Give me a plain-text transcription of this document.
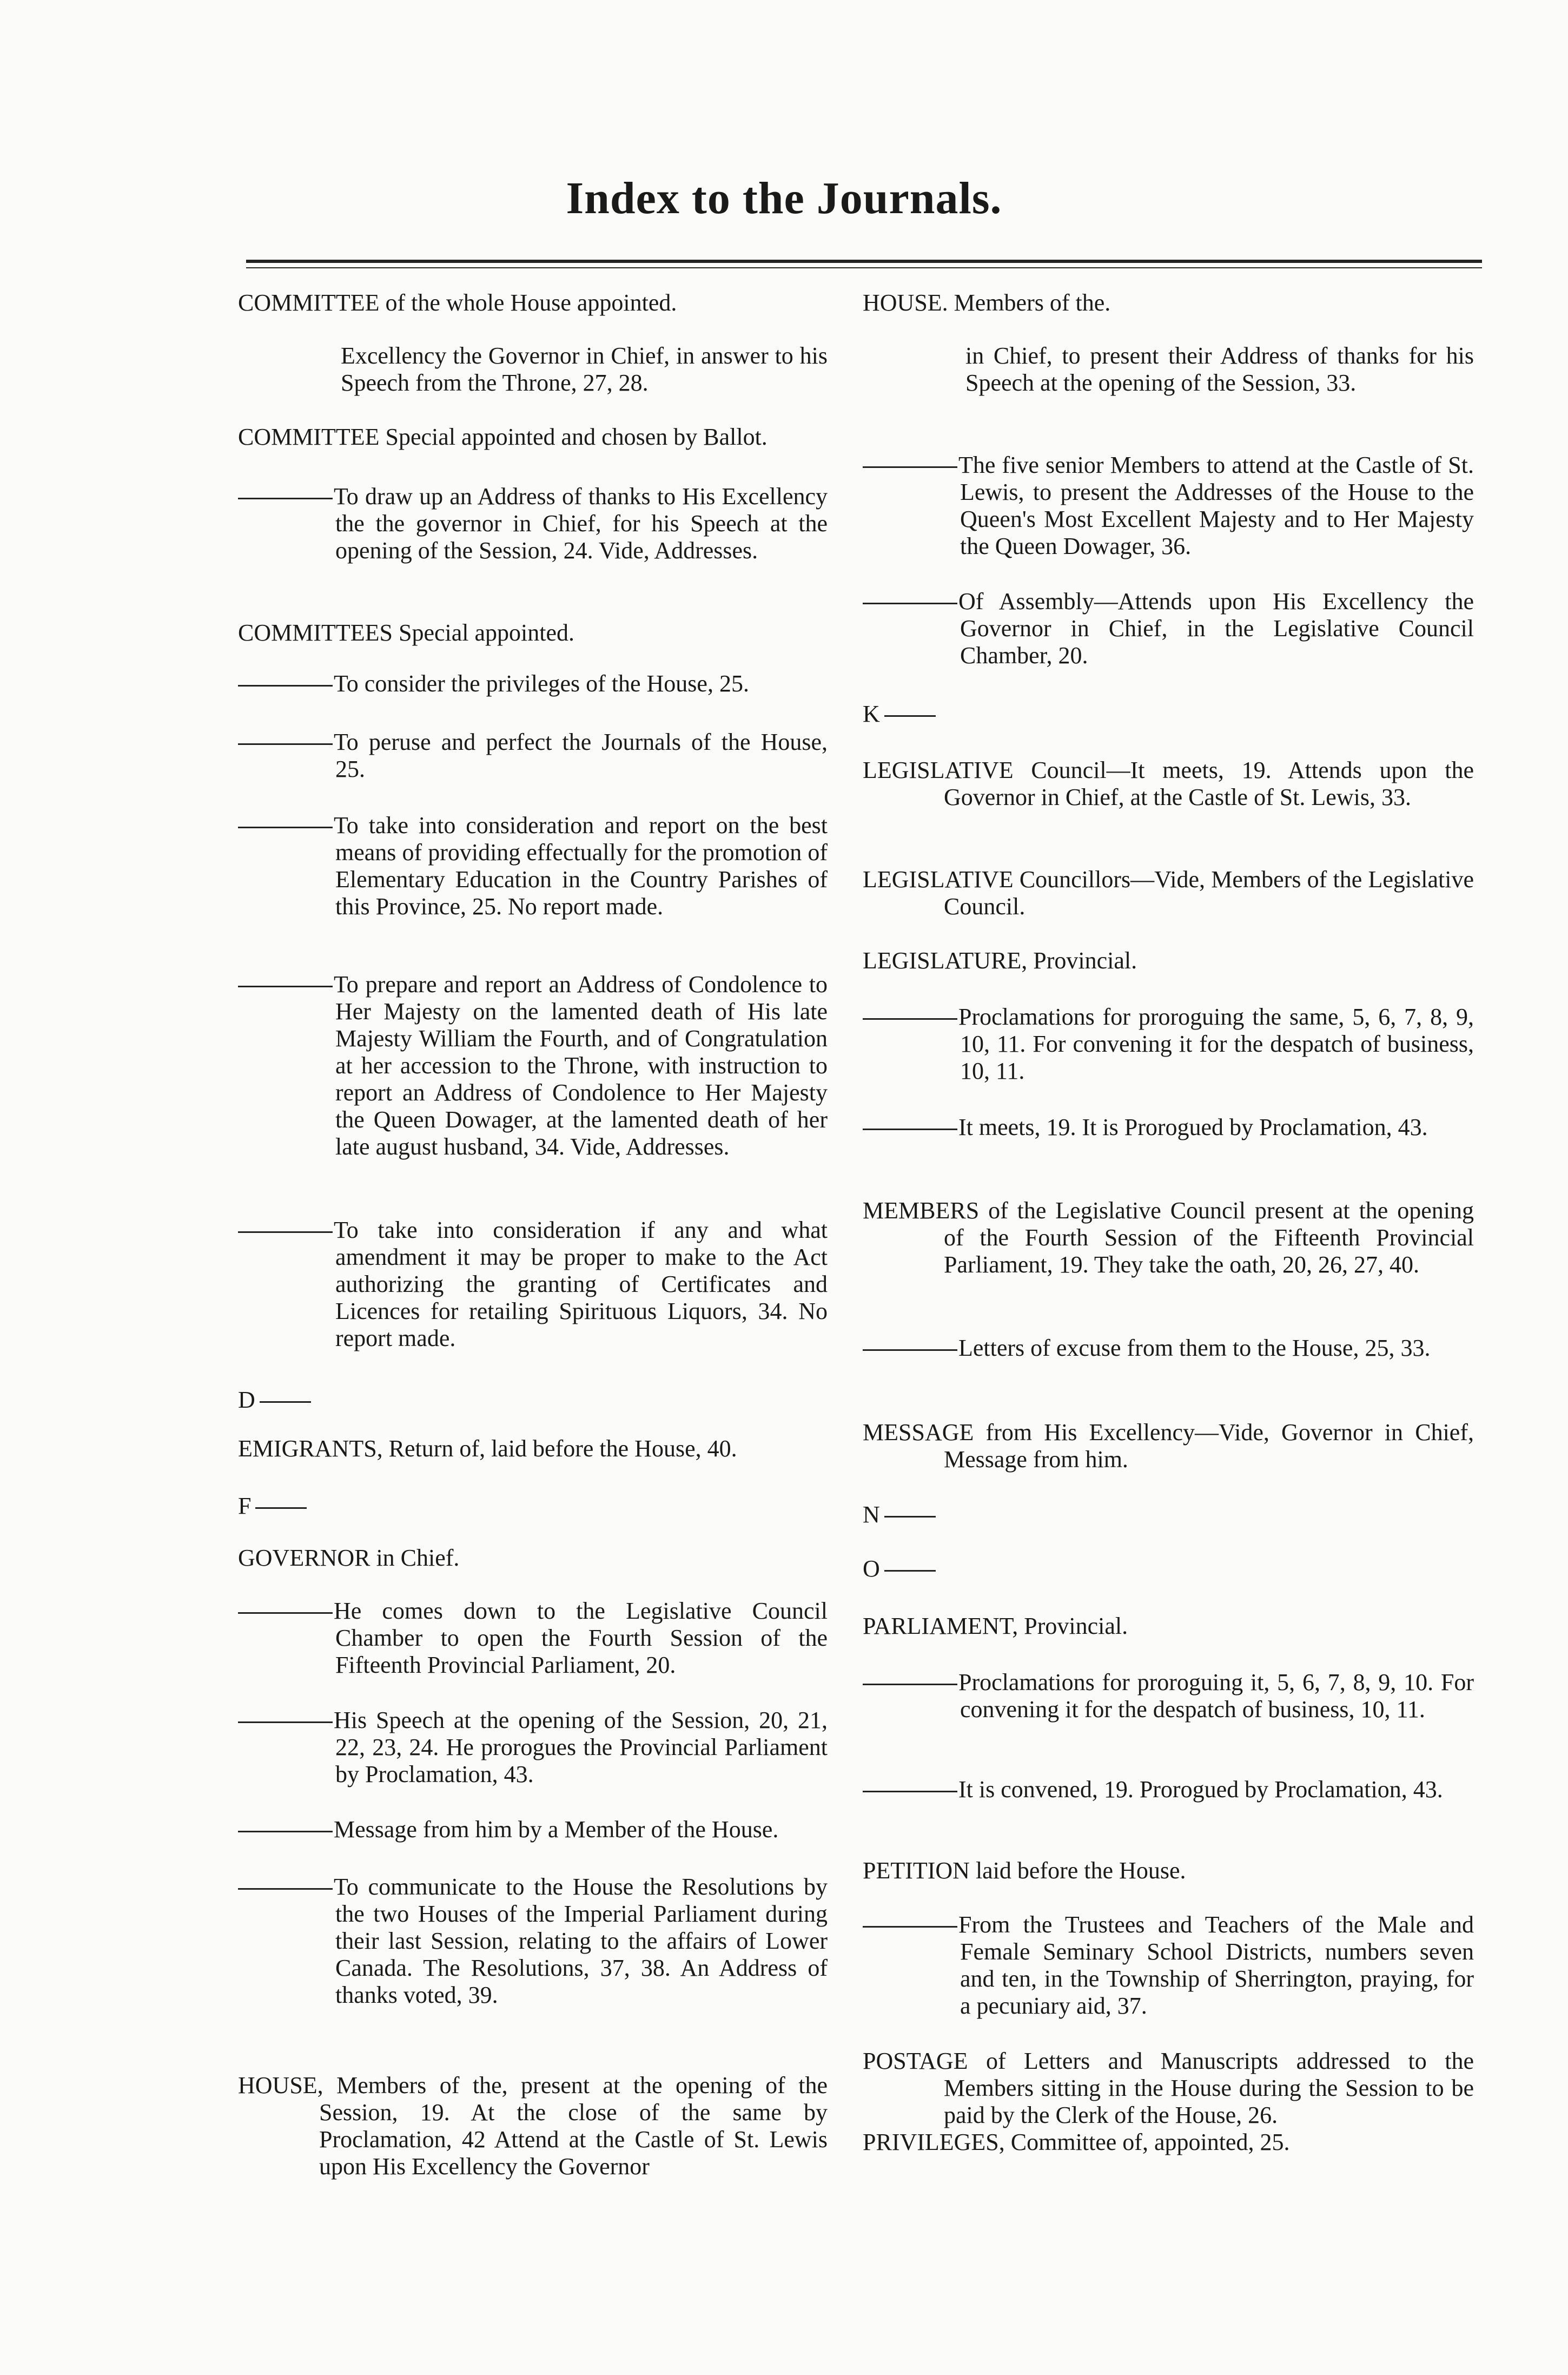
Index to the Journals.
COMMITTEE of the whole House appointed.
Excellency the Governor in Chief, in answer to his Speech from the Throne, 27, 28.
COMMITTEE Special appointed and chosen by Ballot.
To draw up an Address of thanks to His Excellency the the governor in Chief, for his Speech at the opening of the Session, 24. Vide, Addresses.
COMMITTEES Special appointed.
To consider the privileges of the House, 25.
To peruse and perfect the Journals of the House, 25.
To take into consideration and report on the best means of providing effectually for the promotion of Elementary Education in the Country Parishes of this Province, 25. No report made.
To prepare and report an Address of Condolence to Her Majesty on the lamented death of His late Majesty William the Fourth, and of Congratulation at her accession to the Throne, with instruction to report an Address of Condolence to Her Majesty the Queen Dowager, at the lamented death of her late august husband, 34. Vide, Addresses.
To take into consideration if any and what amendment it may be proper to make to the Act authorizing the granting of Certificates and Licences for retailing Spirituous Liquors, 34. No report made.
D
EMIGRANTS, Return of, laid before the House, 40.
F
GOVERNOR in Chief.
He comes down to the Legislative Council Chamber to open the Fourth Session of the Fifteenth Provincial Parliament, 20.
His Speech at the opening of the Session, 20, 21, 22, 23, 24. He prorogues the Provincial Parliament by Proclamation, 43.
Message from him by a Member of the House.
To communicate to the House the Resolutions by the two Houses of the Imperial Parliament during their last Session, relating to the affairs of Lower Canada. The Resolutions, 37, 38. An Address of thanks voted, 39.
HOUSE, Members of the, present at the opening of the Session, 19. At the close of the same by Proclamation, 42 Attend at the Castle of St. Lewis upon His Excellency the Governor
HOUSE. Members of the.
in Chief, to present their Address of thanks for his Speech at the opening of the Session, 33.
The five senior Members to attend at the Castle of St. Lewis, to present the Addresses of the House to the Queen's Most Excellent Majesty and to Her Majesty the Queen Dowager, 36.
Of Assembly—Attends upon His Excellency the Governor in Chief, in the Legislative Council Chamber, 20.
K
LEGISLATIVE Council—It meets, 19. Attends upon the Governor in Chief, at the Castle of St. Lewis, 33.
LEGISLATIVE Councillors—Vide, Members of the Legislative Council.
LEGISLATURE, Provincial.
Proclamations for proroguing the same, 5, 6, 7, 8, 9, 10, 11. For convening it for the despatch of business, 10, 11.
It meets, 19. It is Prorogued by Proclamation, 43.
MEMBERS of the Legislative Council present at the opening of the Fourth Session of the Fifteenth Provincial Parliament, 19. They take the oath, 20, 26, 27, 40.
Letters of excuse from them to the House, 25, 33.
MESSAGE from His Excellency—Vide, Governor in Chief, Message from him.
N
O
PARLIAMENT, Provincial.
Proclamations for proroguing it, 5, 6, 7, 8, 9, 10. For convening it for the despatch of business, 10, 11.
It is convened, 19. Prorogued by Proclamation, 43.
PETITION laid before the House.
From the Trustees and Teachers of the Male and Female Seminary School Districts, numbers seven and ten, in the Township of Sherrington, praying, for a pecuniary aid, 37.
POSTAGE of Letters and Manuscripts addressed to the Members sitting in the House during the Session to be paid by the Clerk of the House, 26.
PRIVILEGES, Committee of, appointed, 25.
